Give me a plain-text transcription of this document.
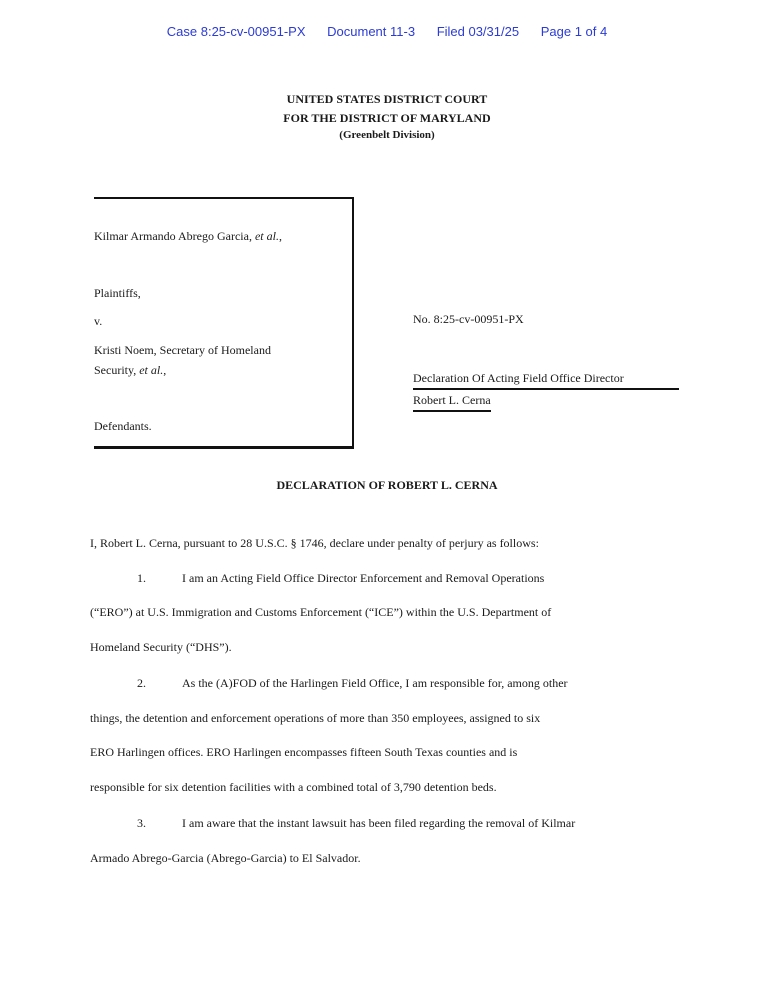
Case 8:25-cv-00951-PX Document 11-3 Filed 03/31/25 Page 1 of 4
UNITED STATES DISTRICT COURT
FOR THE DISTRICT OF MARYLAND
(Greenbelt Division)
Kilmar Armando Abrego Garcia, et al.,
Plaintiffs,
v.
Kristi Noem, Secretary of Homeland
Security, et al.,
Defendants.
No. 8:25-cv-00951-PX
Declaration Of Acting Field Office Director
Robert L. Cerna
DECLARATION OF ROBERT L. CERNA
I, Robert L. Cerna, pursuant to 28 U.S.C. § 1746, declare under penalty of perjury as follows:
1.	I am an Acting Field Office Director Enforcement and Removal Operations
(“ERO”) at U.S. Immigration and Customs Enforcement (“ICE”) within the U.S. Department of
Homeland Security (“DHS”).
2.	As the (A)FOD of the Harlingen Field Office, I am responsible for, among other
things, the detention and enforcement operations of more than 350 employees, assigned to six
ERO Harlingen offices. ERO Harlingen encompasses fifteen South Texas counties and is
responsible for six detention facilities with a combined total of 3,790 detention beds.
3.	I am aware that the instant lawsuit has been filed regarding the removal of Kilmar
Armado Abrego-Garcia (Abrego-Garcia) to El Salvador.
